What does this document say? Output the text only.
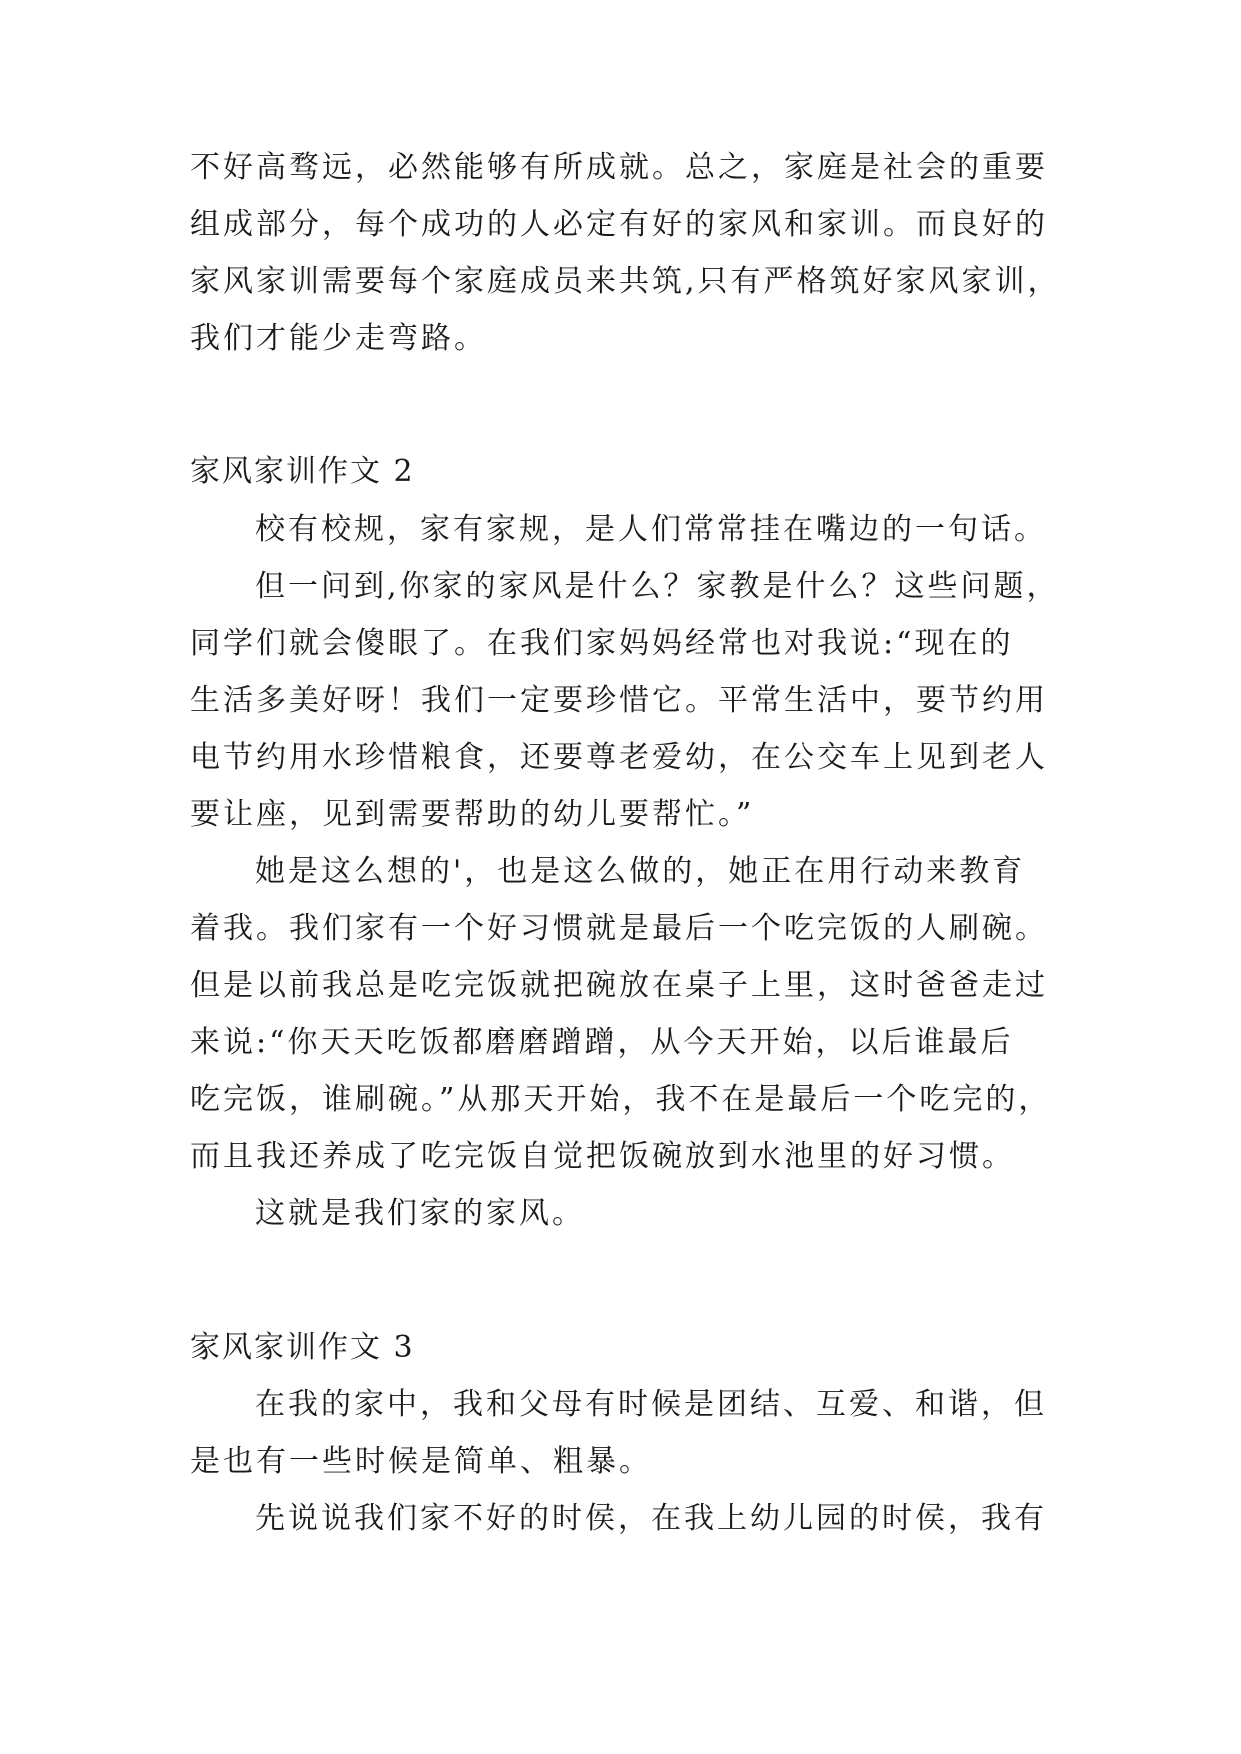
不好高骛远，必然能够有所成就。总之，家庭是社会的重要
组成部分，每个成功的人必定有好的家风和家训。而良好的
家风家训需要每个家庭成员来共筑,只有严格筑好家风家训，
我们才能少走弯路。
家风家训作文 2
校有校规，家有家规，是人们常常挂在嘴边的一句话。
但一问到,你家的家风是什么？家教是什么？这些问题，
同学们就会傻眼了。在我们家妈妈经常也对我说:“现在的
生活多美好呀！我们一定要珍惜它。平常生活中，要节约用
电节约用水珍惜粮食，还要尊老爱幼，在公交车上见到老人
要让座，见到需要帮助的幼儿要帮忙。”
她是这么想的'，也是这么做的，她正在用行动来教育
着我。我们家有一个好习惯就是最后一个吃完饭的人刷碗。
但是以前我总是吃完饭就把碗放在桌子上里，这时爸爸走过
来说:“你天天吃饭都磨磨蹭蹭，从今天开始，以后谁最后
吃完饭，谁刷碗。”从那天开始，我不在是最后一个吃完的，
而且我还养成了吃完饭自觉把饭碗放到水池里的好习惯。
这就是我们家的家风。
家风家训作文 3
在我的家中，我和父母有时候是团结、互爱、和谐，但
是也有一些时候是简单、粗暴。
先说说我们家不好的时侯，在我上幼儿园的时侯，我有
